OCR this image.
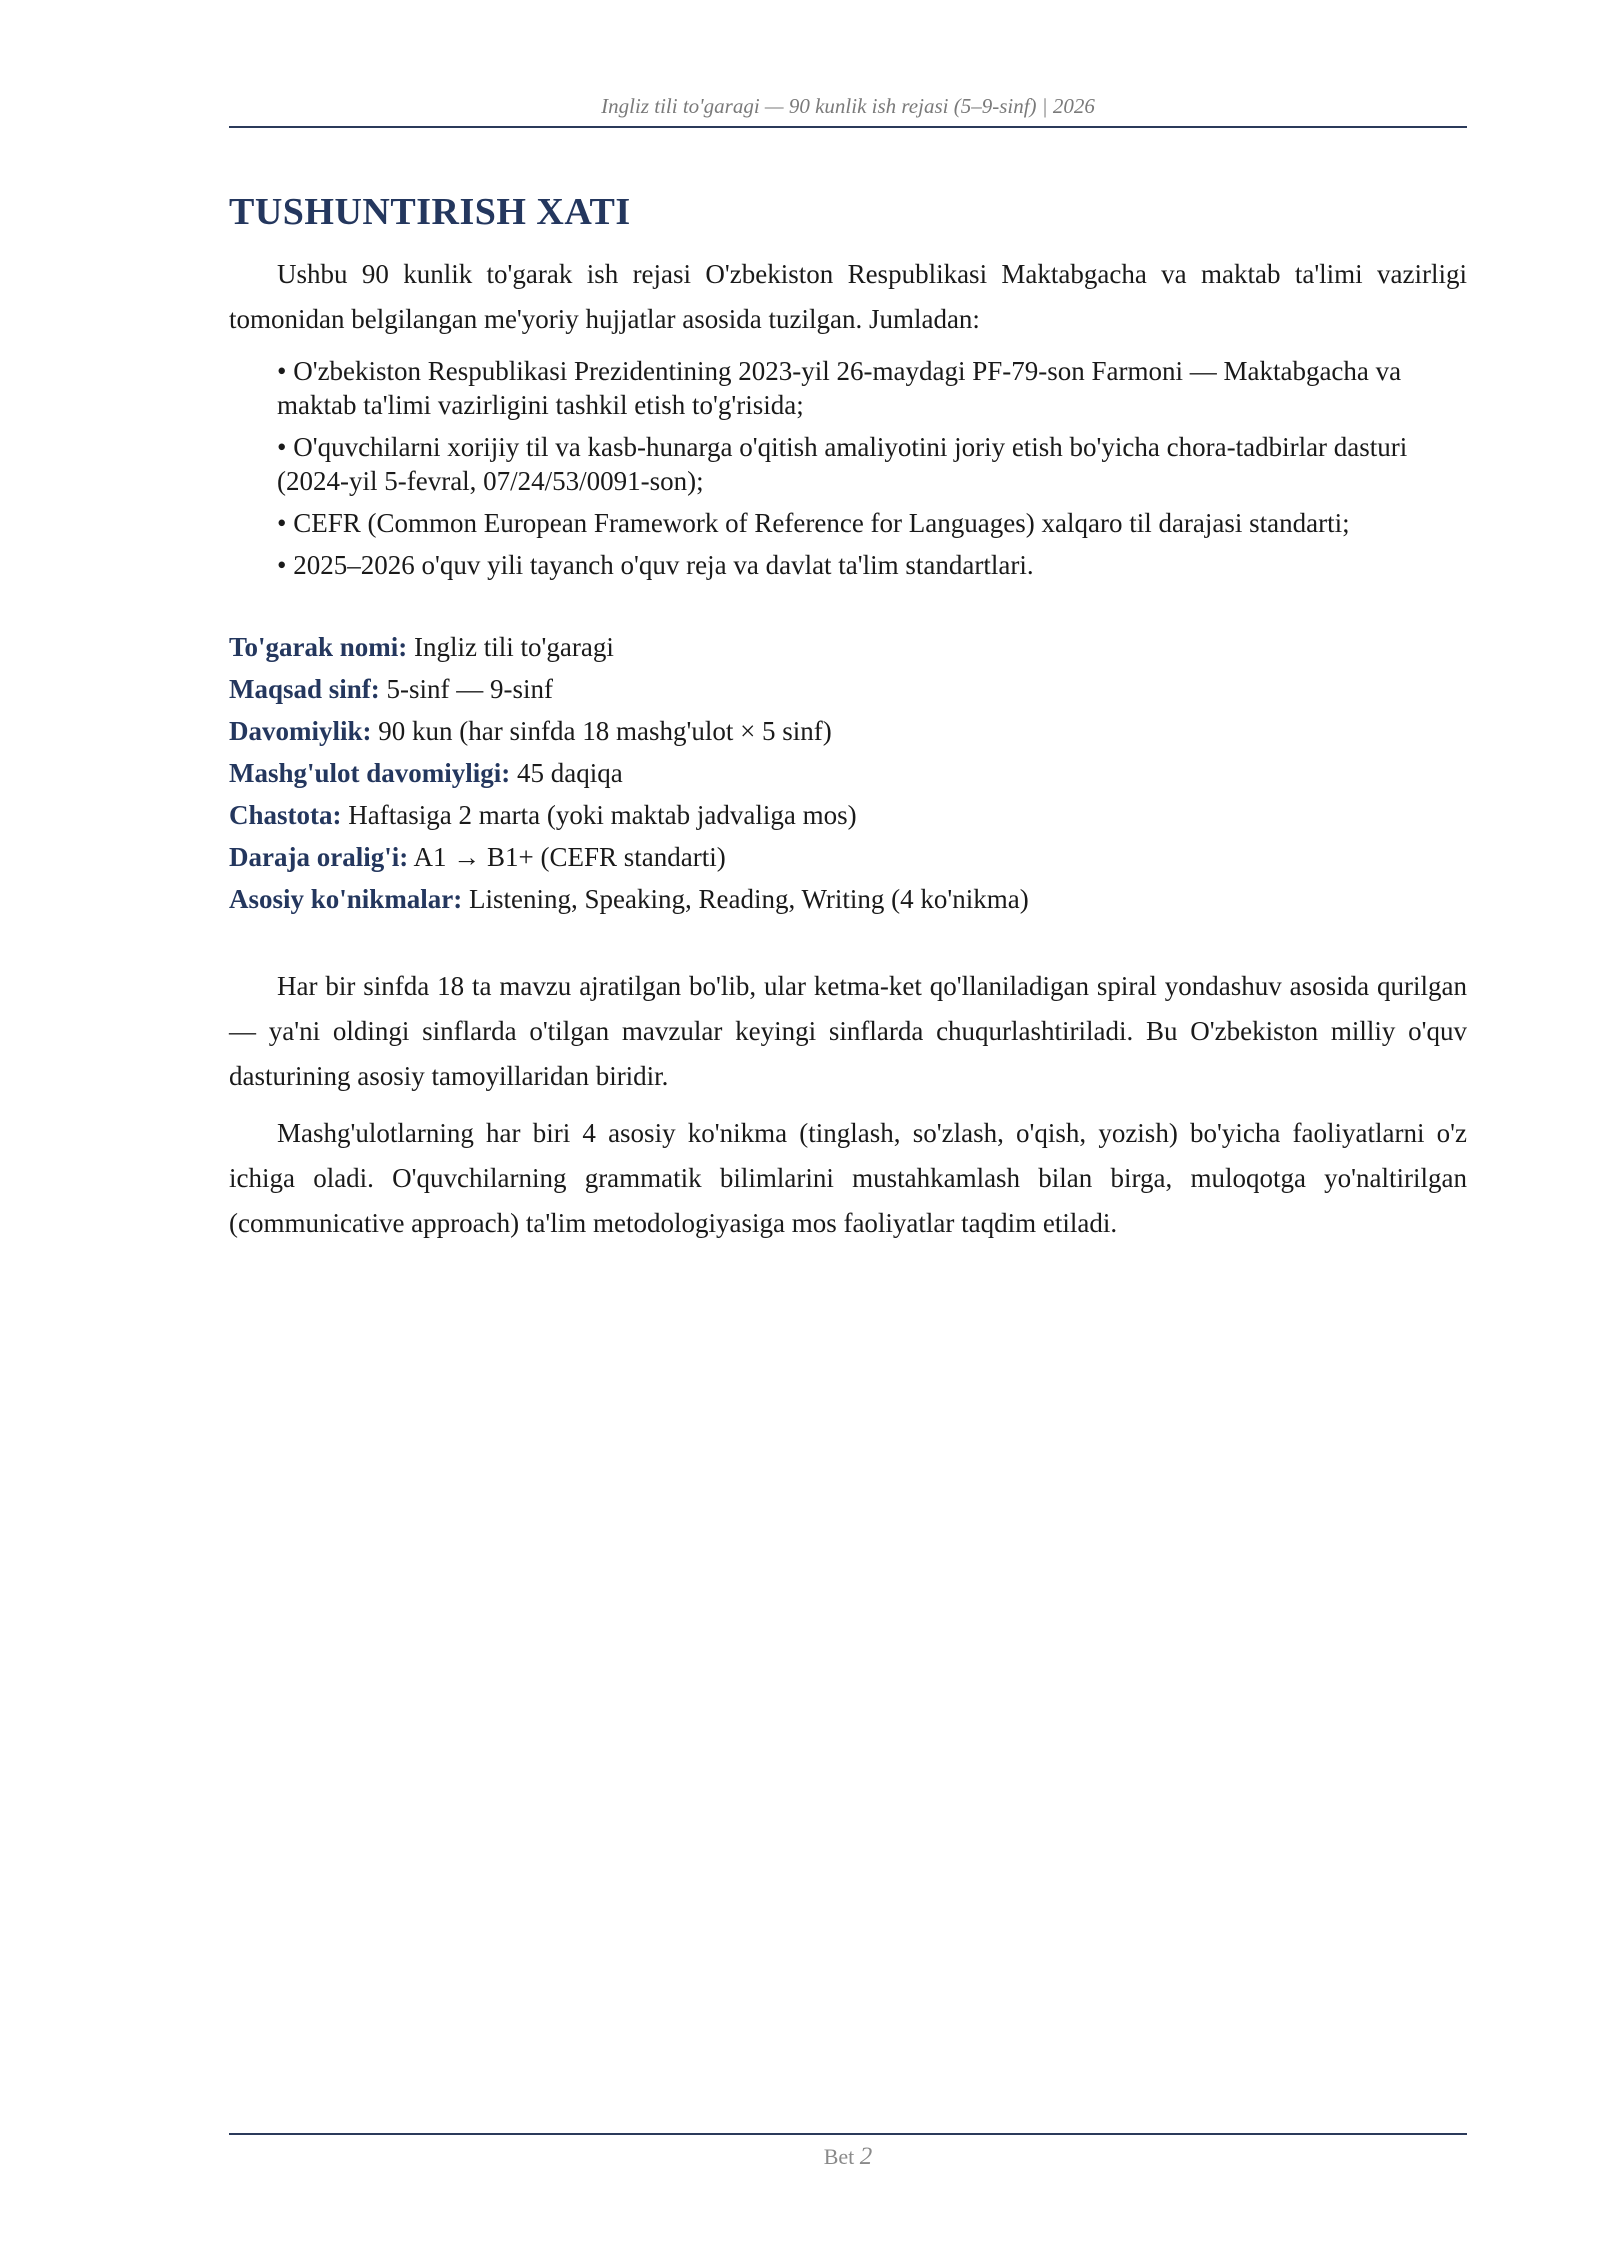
Ingliz tili to'garagi — 90 kunlik ish rejasi (5–9-sinf) | 2026
TUSHUNTIRISH XATI

Ushbu 90 kunlik to'garak ish rejasi O'zbekiston Respublikasi Maktabgacha va maktab ta'limi vazirligi tomonidan belgilangan me'yoriy hujjatlar asosida tuzilgan. Jumladan:

• O'zbekiston Respublikasi Prezidentining 2023-yil 26-maydagi PF-79-son Farmoni — Maktabgacha va maktab ta'limi vazirligini tashkil etish to'g'risida;
• O'quvchilarni xorijiy til va kasb-hunarga o'qitish amaliyotini joriy etish bo'yicha chora-tadbirlar dasturi (2024-yil 5-fevral, 07/24/53/0091-son);
• CEFR (Common European Framework of Reference for Languages) xalqaro til darajasi standarti;
• 2025–2026 o'quv yili tayanch o'quv reja va davlat ta'lim standartlari.
To'garak nomi: Ingliz tili to'garagi
Maqsad sinf: 5-sinf — 9-sinf
Davomiylik: 90 kun (har sinfda 18 mashg'ulot × 5 sinf)
Mashg'ulot davomiyligi: 45 daqiqa
Chastota: Haftasiga 2 marta (yoki maktab jadvaliga mos)
Daraja oralig'i: A1 → B1+ (CEFR standarti)
Asosiy ko'nikmalar: Listening, Speaking, Reading, Writing (4 ko'nikma)

Har bir sinfda 18 ta mavzu ajratilgan bo'lib, ular ketma-ket qo'llaniladigan spiral yondashuv asosida qurilgan — ya'ni oldingi sinflarda o'tilgan mavzular keyingi sinflarda chuqurlashtiriladi. Bu O'zbekiston milliy o'quv dasturining asosiy tamoyillaridan biridir.

Mashg'ulotlarning har biri 4 asosiy ko'nikma (tinglash, so'zlash, o'qish, yozish) bo'yicha faoliyatlarni o'z ichiga oladi. O'quvchilarning grammatik bilimlarini mustahkamlash bilan birga, muloqotga yo'naltirilgan (communicative approach) ta'lim metodologiyasiga mos faoliyatlar taqdim etiladi.

Bet 2
